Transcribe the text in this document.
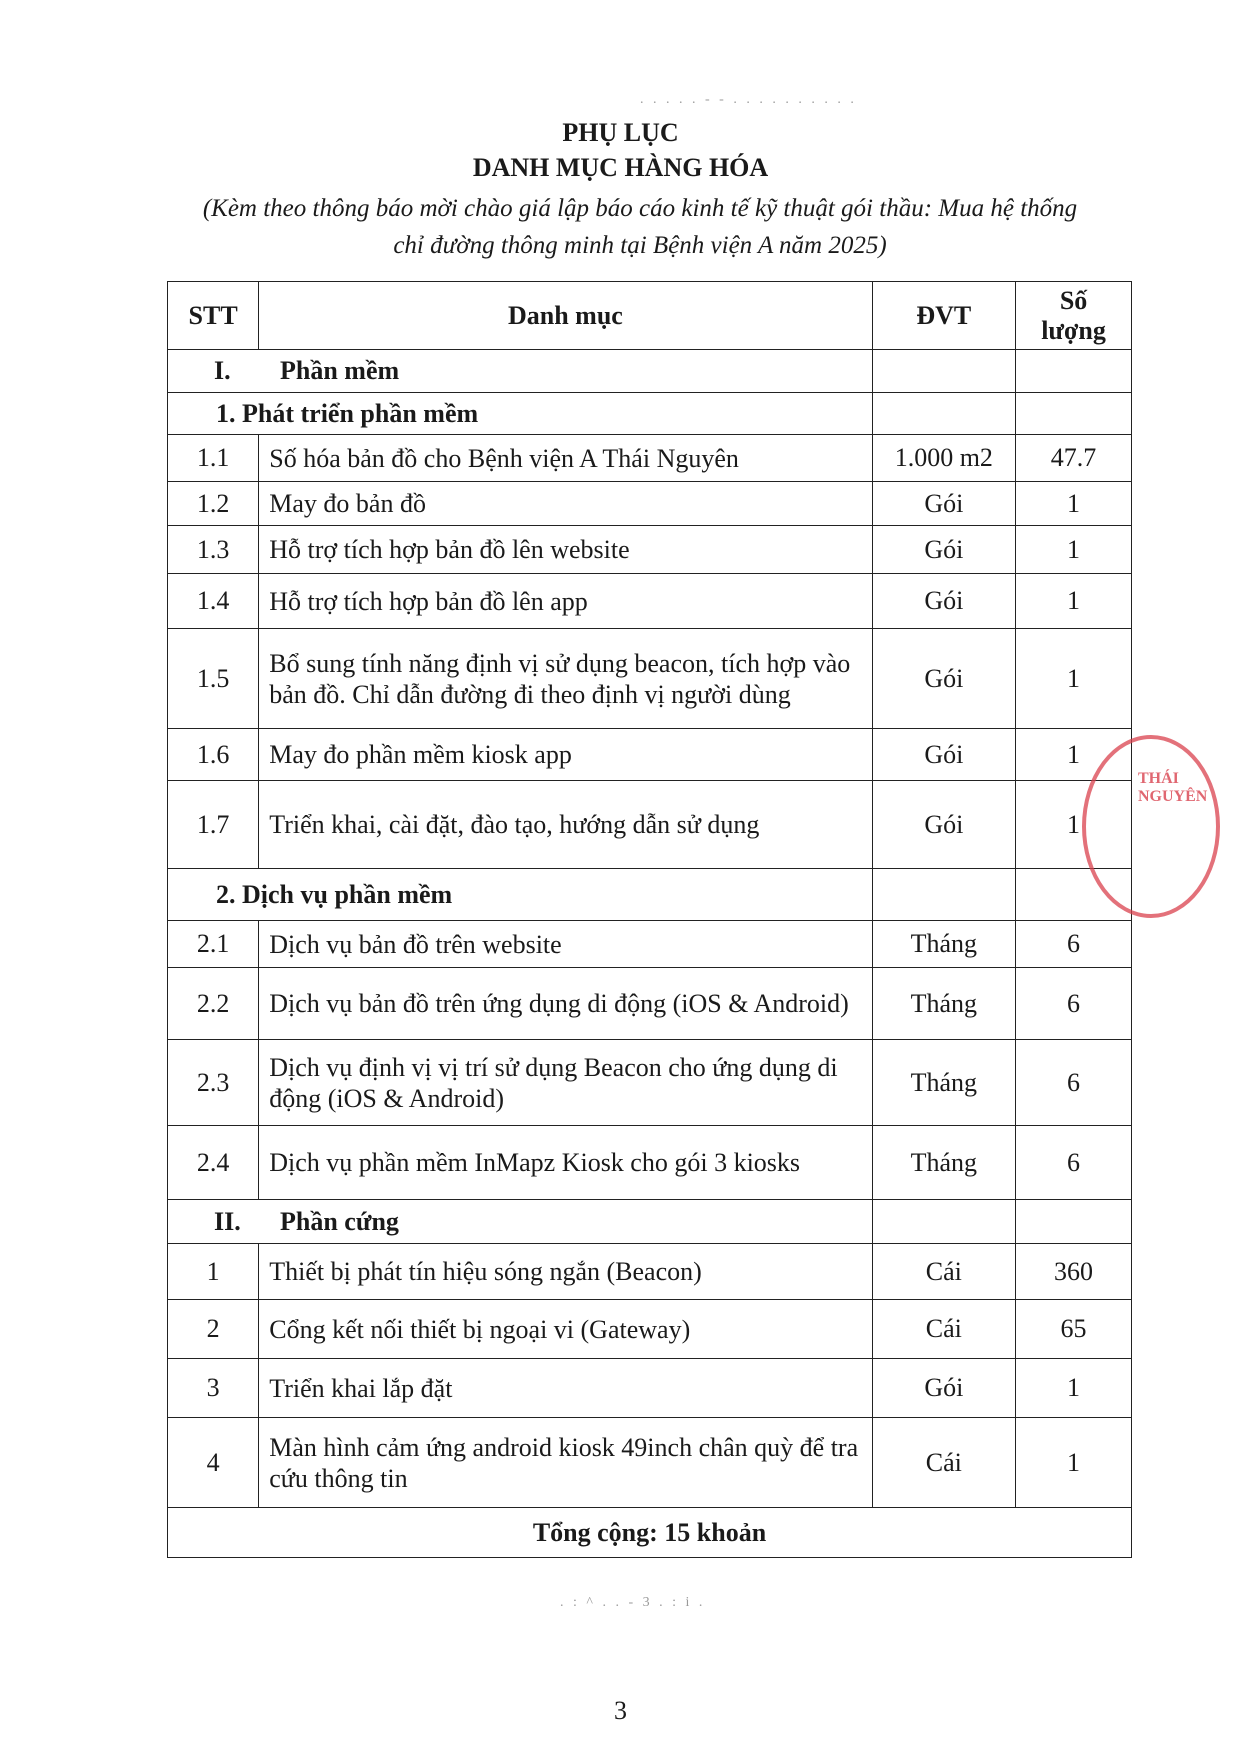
. . . . . - - . . . . . . . . . .
PHỤ LỤC
DANH MỤC HÀNG HÓA
(Kèm theo thông báo mời chào giá lập báo cáo kinh tế kỹ thuật gói thầu: Mua hệ thống
chỉ đường thông minh tại Bệnh viện A năm 2025)
STT	Danh mục	ĐVT	Số
lượng
I. Phần mềm			
1. Phát triển phần mềm			
1.1	Số hóa bản đồ cho Bệnh viện A Thái Nguyên	1.000 m2	47.7
1.2	May đo bản đồ	Gói	1
1.3	Hỗ trợ tích hợp bản đồ lên website	Gói	1
1.4	Hỗ trợ tích hợp bản đồ lên app	Gói	1
1.5	Bổ sung tính năng định vị sử dụng beacon, tích hợp vào bản đồ. Chỉ dẫn đường đi theo định vị người dùng	Gói	1
1.6	May đo phần mềm kiosk app	Gói	1
1.7	Triển khai, cài đặt, đào tạo, hướng dẫn sử dụng	Gói	1
2. Dịch vụ phần mềm			
2.1	Dịch vụ bản đồ trên website	Tháng	6
2.2	Dịch vụ bản đồ trên ứng dụng di động (iOS & Android)	Tháng	6
2.3	Dịch vụ định vị vị trí sử dụng Beacon cho ứng dụng di động (iOS & Android)	Tháng	6
2.4	Dịch vụ phần mềm InMapz Kiosk cho gói 3 kiosks	Tháng	6
II. Phần cứng			
1	Thiết bị phát tín hiệu sóng ngắn (Beacon)	Cái	360
2	Cổng kết nối thiết bị ngoại vi (Gateway)	Cái	65
3	Triển khai lắp đặt	Gói	1
4	Màn hình cảm ứng android kiosk 49inch chân quỳ để tra cứu thông tin	Cái	1
Tổng cộng: 15 khoản			
THÁI NGUYÊN
. : ^ . . - 3 . : i .
3
